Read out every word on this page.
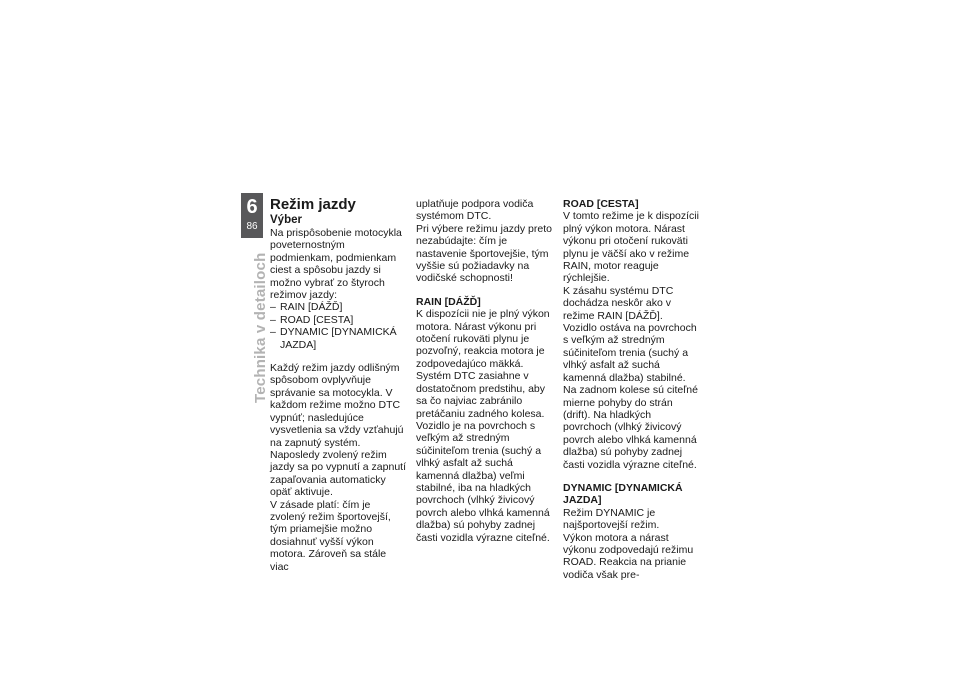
6
86
Technika v detailoch
Režim jazdy
Výber

Na prispôsobenie motocykla poveternostným podmienkam, podmienkam ciest a spôsobu jazdy si možno vybrať zo štyroch režimov jazdy:

– RAIN [DÁŽĎ]
– ROAD [CESTA]
– DYNAMIC [DYNAMICKÁ JAZDA]

Každý režim jazdy odlišným spôsobom ovplyvňuje správanie sa motocykla. V každom režime možno DTC vypnúť; nasledujúce vysvetlenia sa vždy vzťahujú na zapnutý systém. Naposledy zvolený režim jazdy sa po vypnutí a zapnutí zapaľovania automaticky opäť aktivuje.

V zásade platí: čím je zvolený režim športovejší, tým priamejšie možno dosiahnuť vyšší výkon motora. Zároveň sa stále viac

uplatňuje podpora vodiča systémom DTC.

Pri výbere režimu jazdy preto nezabúdajte: čím je nastavenie športovejšie, tým vyššie sú požiadavky na vodičské schopnosti!

RAIN [DÁŽĎ]

K dispozícii nie je plný výkon motora. Nárast výkonu pri otočení rukoväti plynu je pozvoľný, reakcia motora je zodpovedajúco mäkká.

Systém DTC zasiahne v dostatočnom predstihu, aby sa čo najviac zabránilo pretáčaniu zadného kolesa. Vozidlo je na povrchoch s veľkým až stredným súčiniteľom trenia (suchý a vlhký asfalt až suchá kamenná dlažba) veľmi stabilné, iba na hladkých povrchoch (vlhký živicový povrch alebo vlhká kamenná dlažba) sú pohyby zadnej časti vozidla výrazne citeľné.

ROAD [CESTA]

V tomto režime je k dispozícii plný výkon motora. Nárast výkonu pri otočení rukoväti plynu je väčší ako v režime RAIN, motor reaguje rýchlejšie.

K zásahu systému DTC dochádza neskôr ako v režime RAIN [DÁŽĎ]. Vozidlo ostáva na povrchoch s veľkým až stredným súčiniteľom trenia (suchý a vlhký asfalt až suchá kamenná dlažba) stabilné. Na zadnom kolese sú citeľné mierne pohyby do strán (drift). Na hladkých povrchoch (vlhký živicový povrch alebo vlhká kamenná dlažba) sú pohyby zadnej časti vozidla výrazne citeľné.

DYNAMIC [DYNAMICKÁ JAZDA]

Režim DYNAMIC je najšportovejší režim.

Výkon motora a nárast výkonu zodpovedajú režimu ROAD. Reakcia na prianie vodiča však pre-
